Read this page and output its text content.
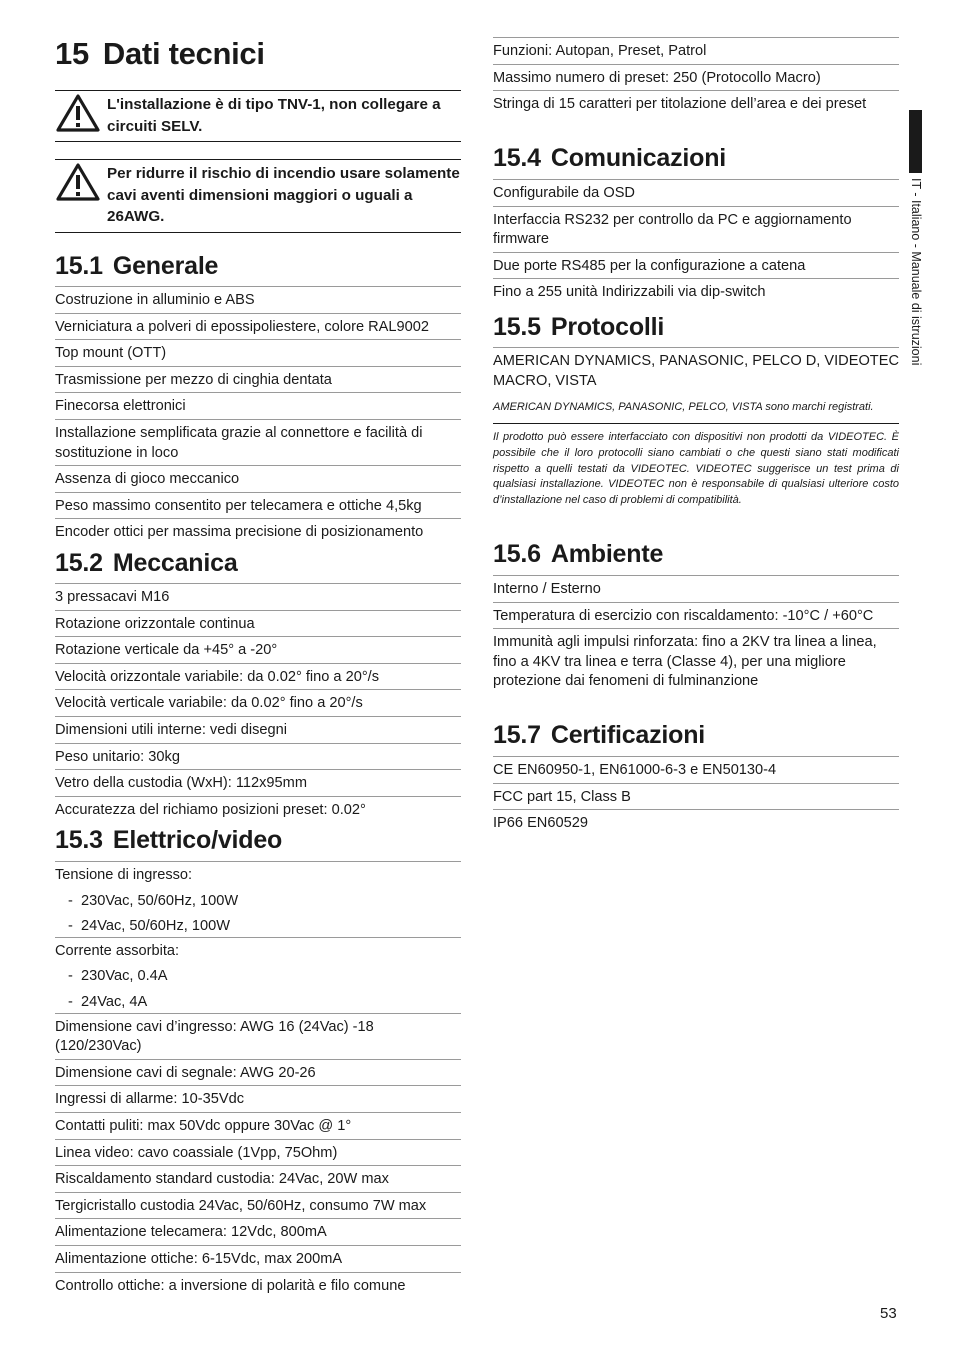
15 Dati tecnici
L'installazione è di tipo TNV-1, non collegare a circuiti SELV.
Per ridurre il rischio di incendio usare solamente cavi aventi dimensioni maggiori o uguali a 26AWG.
15.1 Generale
Costruzione in alluminio e ABS
Verniciatura a polveri di epossipoliestere, colore RAL9002
Top mount (OTT)
Trasmissione per mezzo di cinghia dentata
Finecorsa elettronici
Installazione semplificata grazie al connettore e facilità di sostituzione in loco
Assenza di gioco meccanico
Peso massimo consentito per telecamera e ottiche 4,5kg
Encoder ottici per massima precisione di posizionamento
15.2 Meccanica
3 pressacavi M16
Rotazione orizzontale continua
Rotazione verticale da +45° a -20°
Velocità orizzontale variabile: da 0.02° fino a 20°/s
Velocità verticale variabile: da 0.02° fino a 20°/s
Dimensioni utili interne: vedi disegni
Peso unitario: 30kg
Vetro della custodia (WxH): 112x95mm
Accuratezza del richiamo posizioni preset: 0.02°
15.3 Elettrico/video
Tensione di ingresso:
-  230Vac, 50/60Hz, 100W
-  24Vac, 50/60Hz, 100W
Corrente assorbita:
-  230Vac, 0.4A
-  24Vac, 4A
Dimensione cavi d’ingresso: AWG 16 (24Vac) -18 (120/230Vac)
Dimensione cavi di segnale: AWG 20-26
Ingressi di allarme: 10-35Vdc
Contatti puliti: max 50Vdc oppure 30Vac @ 1°
Linea video: cavo coassiale (1Vpp, 75Ohm)
Riscaldamento standard custodia: 24Vac, 20W max
Tergicristallo custodia 24Vac, 50/60Hz, consumo 7W max
Alimentazione telecamera: 12Vdc, 800mA
Alimentazione ottiche: 6-15Vdc, max 200mA
Controllo ottiche: a inversione di polarità e filo comune
Funzioni: Autopan, Preset, Patrol
Massimo numero di preset: 250 (Protocollo Macro)
Stringa di 15 caratteri per titolazione dell’area e dei preset
15.4 Comunicazioni
Configurabile da OSD
Interfaccia RS232 per controllo da PC e aggiornamento firmware
Due porte RS485 per la configurazione a catena
Fino a 255 unità Indirizzabili via dip-switch
15.5 Protocolli
AMERICAN DYNAMICS, PANASONIC, PELCO D, VIDEOTEC MACRO, VISTA
AMERICAN DYNAMICS, PANASONIC, PELCO, VISTA sono marchi registrati.
Il prodotto può essere interfacciato con dispositivi non prodotti da VIDEOTEC. È possibile che il loro protocolli siano cambiati o che questi siano stati modificati rispetto a quelli testati da VIDEOTEC. VIDEOTEC suggerisce un test prima di qualsiasi installazione. VIDEOTEC non è responsabile di qualsiasi ulteriore costo d’installazione nel caso di problemi di compatibilità.
15.6 Ambiente
Interno / Esterno
Temperatura di esercizio con riscaldamento: -10°C / +60°C
Immunità agli impulsi rinforzata: fino a 2KV tra linea a linea, fino a 4KV tra linea e terra (Classe 4), per una migliore protezione dai fenomeni di fulminanzione
15.7 Certificazioni
CE EN60950-1, EN61000-6-3 e EN50130-4
FCC part 15, Class B
IP66 EN60529
IT - Italiano - Manuale di istruzioni
53
